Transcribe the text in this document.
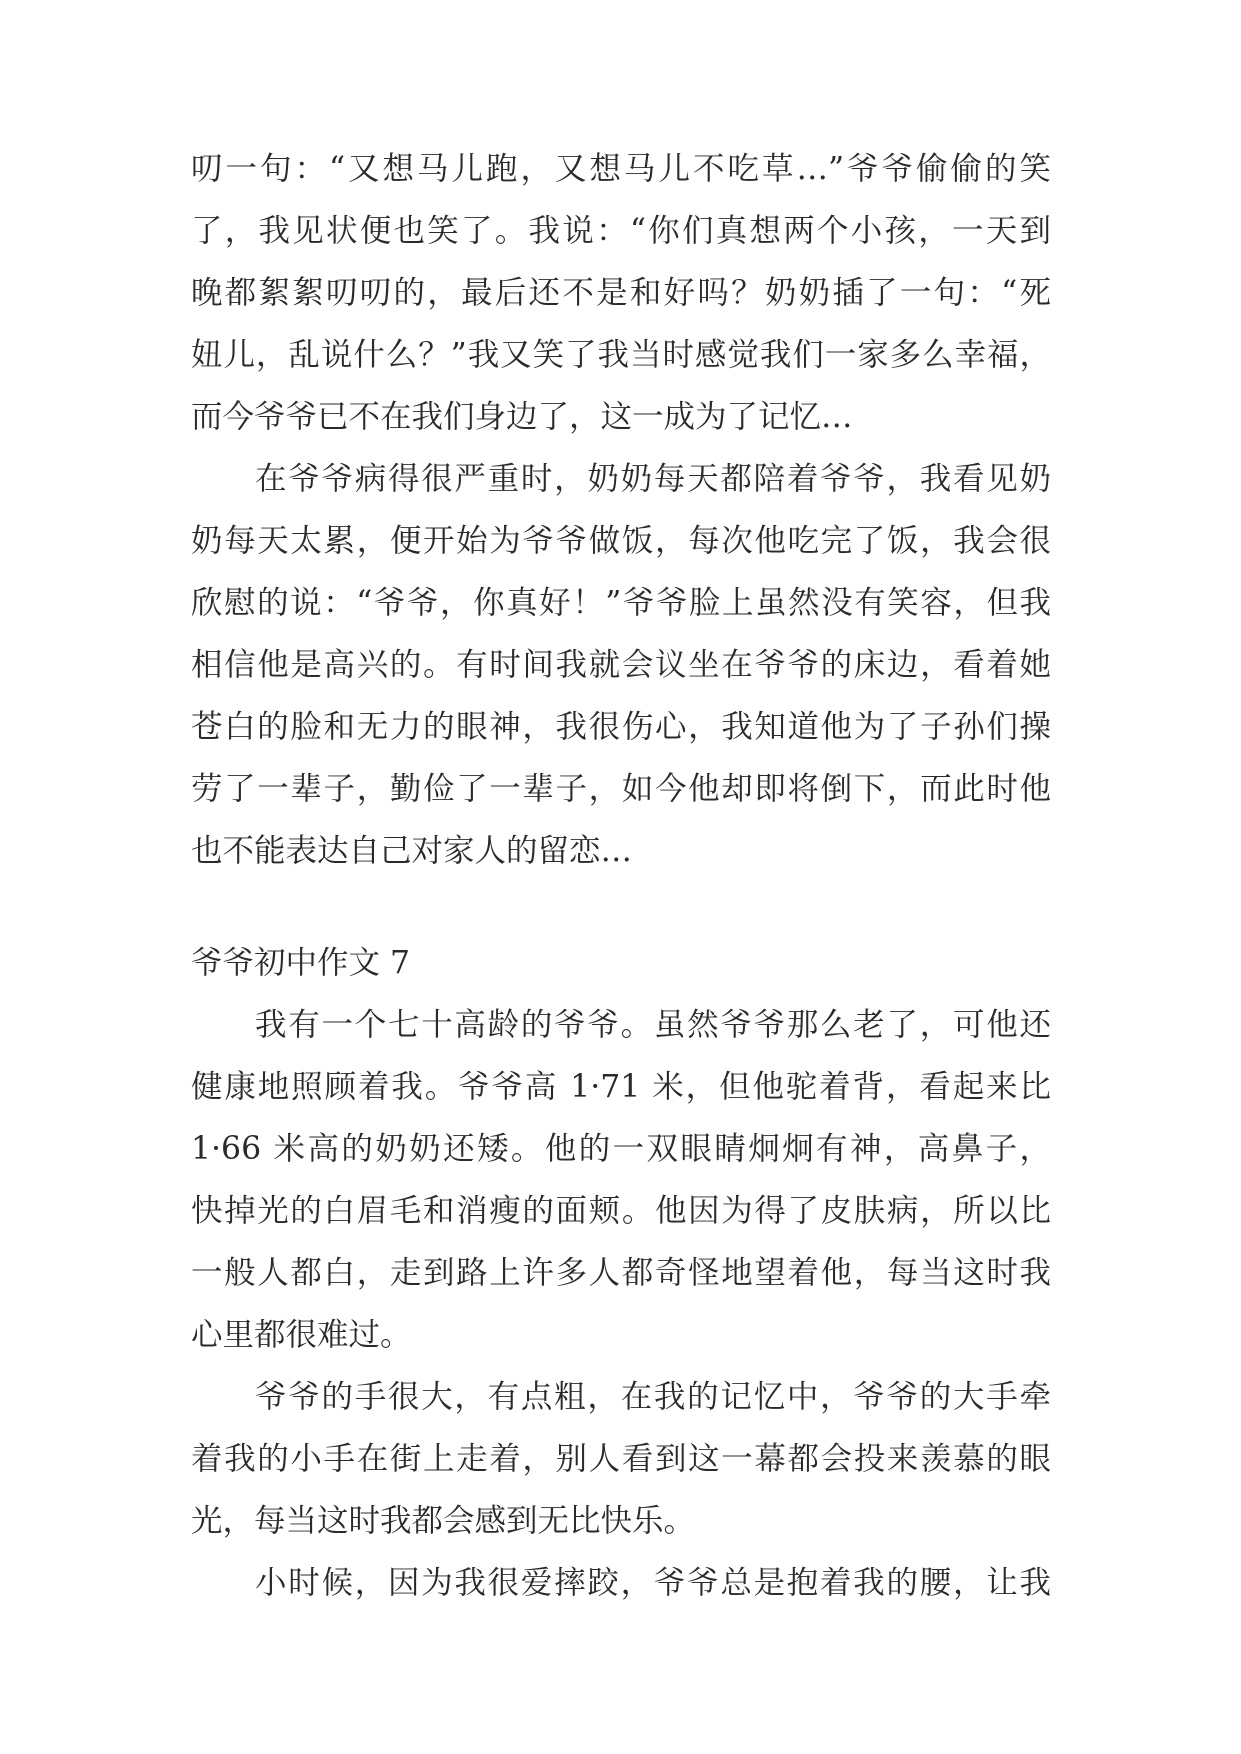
叨一句：“又想马儿跑，又想马儿不吃草…”爷爷偷偷的笑
了，我见状便也笑了。我说：“你们真想两个小孩，一天到
晚都絮絮叨叨的，最后还不是和好吗？奶奶插了一句：“死
妞儿，乱说什么？”我又笑了我当时感觉我们一家多么幸福，
而今爷爷已不在我们身边了，这一成为了记忆…
在爷爷病得很严重时，奶奶每天都陪着爷爷，我看见奶
奶每天太累，便开始为爷爷做饭，每次他吃完了饭，我会很
欣慰的说：“爷爷，你真好！”爷爷脸上虽然没有笑容，但我
相信他是高兴的。有时间我就会议坐在爷爷的床边，看着她
苍白的脸和无力的眼神，我很伤心，我知道他为了子孙们操
劳了一辈子，勤俭了一辈子，如今他却即将倒下，而此时他
也不能表达自己对家人的留恋…
爷爷初中作文 7
我有一个七十高龄的爷爷。虽然爷爷那么老了，可他还
健康地照顾着我。爷爷高 1·71 米，但他驼着背，看起来比
1·66 米高的奶奶还矮。他的一双眼睛炯炯有神，高鼻子，
快掉光的白眉毛和消瘦的面颊。他因为得了皮肤病，所以比
一般人都白，走到路上许多人都奇怪地望着他，每当这时我
心里都很难过。
爷爷的手很大，有点粗，在我的记忆中，爷爷的大手牵
着我的小手在街上走着，别人看到这一幕都会投来羡慕的眼
光，每当这时我都会感到无比快乐。
小时候，因为我很爱摔跤，爷爷总是抱着我的腰，让我
